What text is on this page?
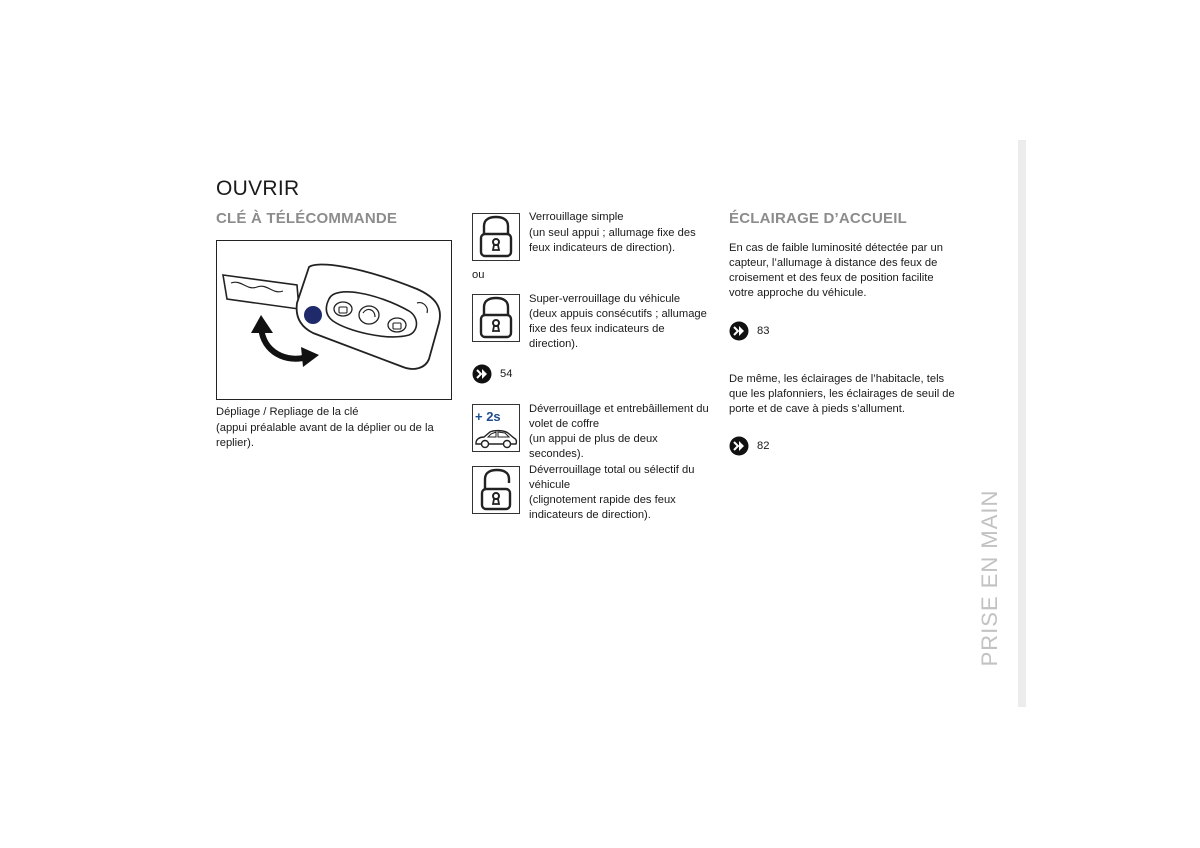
OUVRIR
CLÉ À TÉLÉCOMMANDE
Dépliage / Repliage de la clé
(appui préalable avant de la déplier ou de la replier).
Verrouillage simple
(un seul appui ; allumage fixe des feux indicateurs de direction).
ou
Super-verrouillage du véhicule
(deux appuis consécutifs ; allumage fixe des feux indicateurs de direction).
54
+ 2s	Déverrouillage et entrebâillement du volet de coffre
(un appui de plus de deux secondes).
Déverrouillage total ou sélectif du véhicule
(clignotement rapide des feux indicateurs de direction).
ÉCLAIRAGE D’ACCUEIL
En cas de faible luminosité détectée par un capteur, l’allumage à distance des feux de croisement et des feux de position facilite votre approche du véhicule.
83
De même, les éclairages de l’habitacle, tels que les plafonniers, les éclairages de seuil de porte et de cave à pieds s’allument.
82
PRISE EN MAIN
